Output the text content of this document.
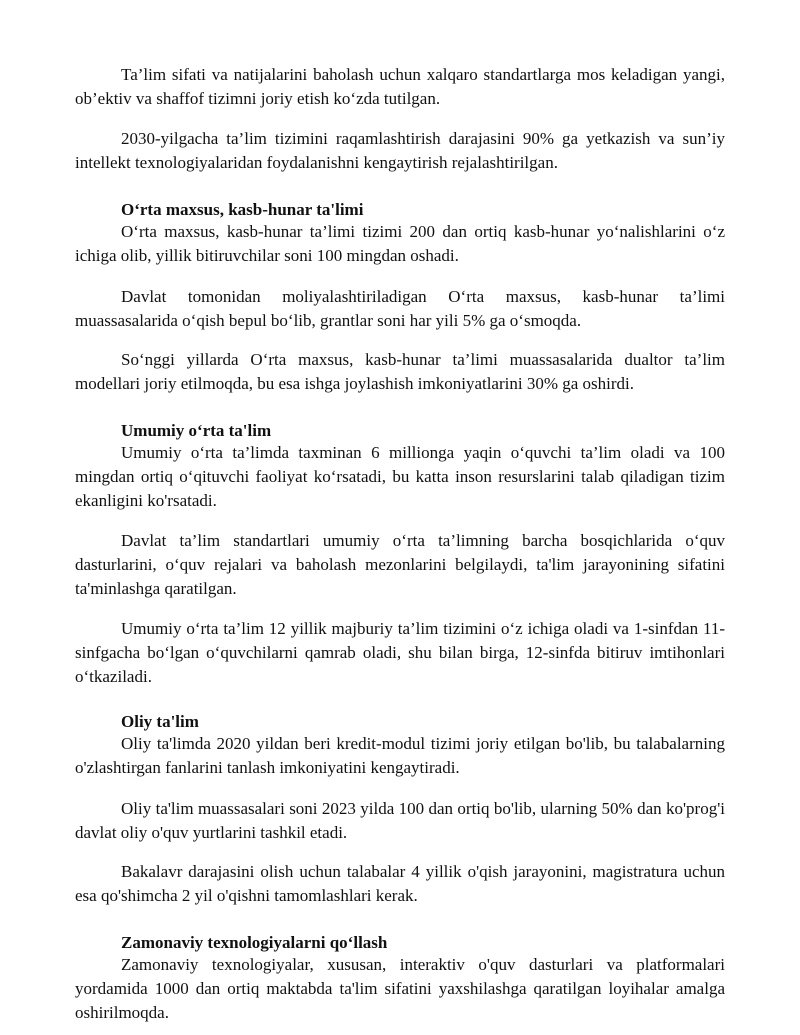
Ta’lim sifati va natijalarini baholash uchun xalqaro standartlarga mos keladigan yangi, ob’ektiv va shaffof tizimni joriy etish ko‘zda tutilgan.

2030-yilgacha ta’lim tizimini raqamlashtirish darajasini 90% ga yetkazish va sun’iy intellekt texnologiyalaridan foydalanishni kengaytirish rejalashtirilgan.

O‘rta maxsus, kasb-hunar ta'limi

O‘rta maxsus, kasb-hunar ta’limi tizimi 200 dan ortiq kasb-hunar yo‘nalishlarini o‘z ichiga olib, yillik bitiruvchilar soni 100 mingdan oshadi.

Davlat tomonidan moliyalashtiriladigan O‘rta maxsus, kasb-hunar ta’limi muassasalarida o‘qish bepul bo‘lib, grantlar soni har yili 5% ga o‘smoqda.

So‘nggi yillarda O‘rta maxsus, kasb-hunar ta’limi muassasalarida dualtor ta’lim modellari joriy etilmoqda, bu esa ishga joylashish imkoniyatlarini 30% ga oshirdi.

Umumiy o‘rta ta'lim

Umumiy o‘rta ta’limda taxminan 6 millionga yaqin o‘quvchi ta’lim oladi va 100 mingdan ortiq o‘qituvchi faoliyat ko‘rsatadi, bu katta inson resurslarini talab qiladigan tizim ekanligini ko'rsatadi.

Davlat ta’lim standartlari umumiy o‘rta ta’limning barcha bosqichlarida o‘quv dasturlarini, o‘quv rejalari va baholash mezonlarini belgilaydi, ta'lim jarayonining sifatini ta'minlashga qaratilgan.

Umumiy o‘rta ta’lim 12 yillik majburiy ta’lim tizimini o‘z ichiga oladi va 1-sinfdan 11-sinfgacha bo‘lgan o‘quvchilarni qamrab oladi, shu bilan birga, 12-sinfda bitiruv imtihonlari o‘tkaziladi.

Oliy ta'lim

Oliy ta'limda 2020 yildan beri kredit-modul tizimi joriy etilgan bo'lib, bu talabalarning o'zlashtirgan fanlarini tanlash imkoniyatini kengaytiradi.

Oliy ta'lim muassasalari soni 2023 yilda 100 dan ortiq bo'lib, ularning 50% dan ko'prog'i davlat oliy o'quv yurtlarini tashkil etadi.

Bakalavr darajasini olish uchun talabalar 4 yillik o'qish jarayonini, magistratura uchun esa qo'shimcha 2 yil o'qishni tamomlashlari kerak.

Zamonaviy texnologiyalarni qo‘llash

Zamonaviy texnologiyalar, xususan, interaktiv o'quv dasturlari va platformalari yordamida 1000 dan ortiq maktabda ta'lim sifatini yaxshilashga qaratilgan loyihalar amalga oshirilmoqda.
